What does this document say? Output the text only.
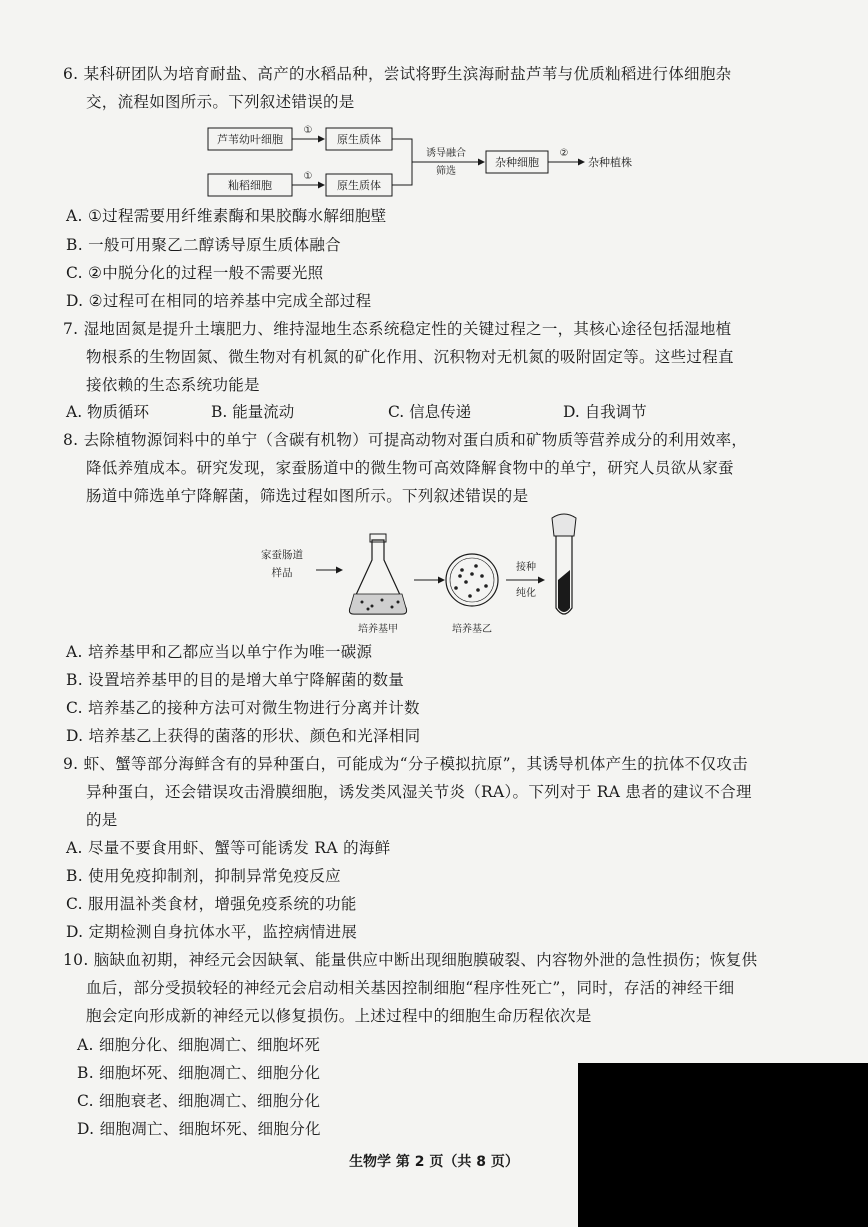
6. 某科研团队为培育耐盐、高产的水稻品种，尝试将野生滨海耐盐芦苇与优质籼稻进行体细胞杂
交，流程如图所示。下列叙述错误的是
芦苇幼叶细胞
籼稻细胞
①
①
原生质体
原生质体
诱导融合
筛选
杂种细胞
②
杂种植株
A. ①过程需要用纤维素酶和果胶酶水解细胞壁
B. 一般可用聚乙二醇诱导原生质体融合
C. ②中脱分化的过程一般不需要光照
D. ②过程可在相同的培养基中完成全部过程
7. 湿地固氮是提升土壤肥力、维持湿地生态系统稳定性的关键过程之一，其核心途径包括湿地植
物根系的生物固氮、微生物对有机氮的矿化作用、沉积物对无机氮的吸附固定等。这些过程直
接依赖的生态系统功能是
A. 物质循环	B. 能量流动	C. 信息传递	D. 自我调节
8. 去除植物源饲料中的单宁（含碳有机物）可提高动物对蛋白质和矿物质等营养成分的利用效率，
降低养殖成本。研究发现，家蚕肠道中的微生物可高效降解食物中的单宁，研究人员欲从家蚕
肠道中筛选单宁降解菌，筛选过程如图所示。下列叙述错误的是
家蚕肠道
样品
培养基甲	培养基乙
接种
纯化
A. 培养基甲和乙都应当以单宁作为唯一碳源
B. 设置培养基甲的目的是增大单宁降解菌的数量
C. 培养基乙的接种方法可对微生物进行分离并计数
D. 培养基乙上获得的菌落的形状、颜色和光泽相同
9. 虾、蟹等部分海鲜含有的异种蛋白，可能成为“分子模拟抗原”，其诱导机体产生的抗体不仅攻击
异种蛋白，还会错误攻击滑膜细胞，诱发类风湿关节炎（RA）。下列对于 RA 患者的建议不合理
的是
A. 尽量不要食用虾、蟹等可能诱发 RA 的海鲜
B. 使用免疫抑制剂，抑制异常免疫反应
C. 服用温补类食材，增强免疫系统的功能
D. 定期检测自身抗体水平，监控病情进展
10. 脑缺血初期，神经元会因缺氧、能量供应中断出现细胞膜破裂、内容物外泄的急性损伤；恢复供
血后，部分受损较轻的神经元会启动相关基因控制细胞“程序性死亡”，同时，存活的神经干细
胞会定向形成新的神经元以修复损伤。上述过程中的细胞生命历程依次是
A. 细胞分化、细胞凋亡、细胞坏死
B. 细胞坏死、细胞凋亡、细胞分化
C. 细胞衰老、细胞凋亡、细胞分化
D. 细胞凋亡、细胞坏死、细胞分化
生物学 第 2 页（共 8 页）
